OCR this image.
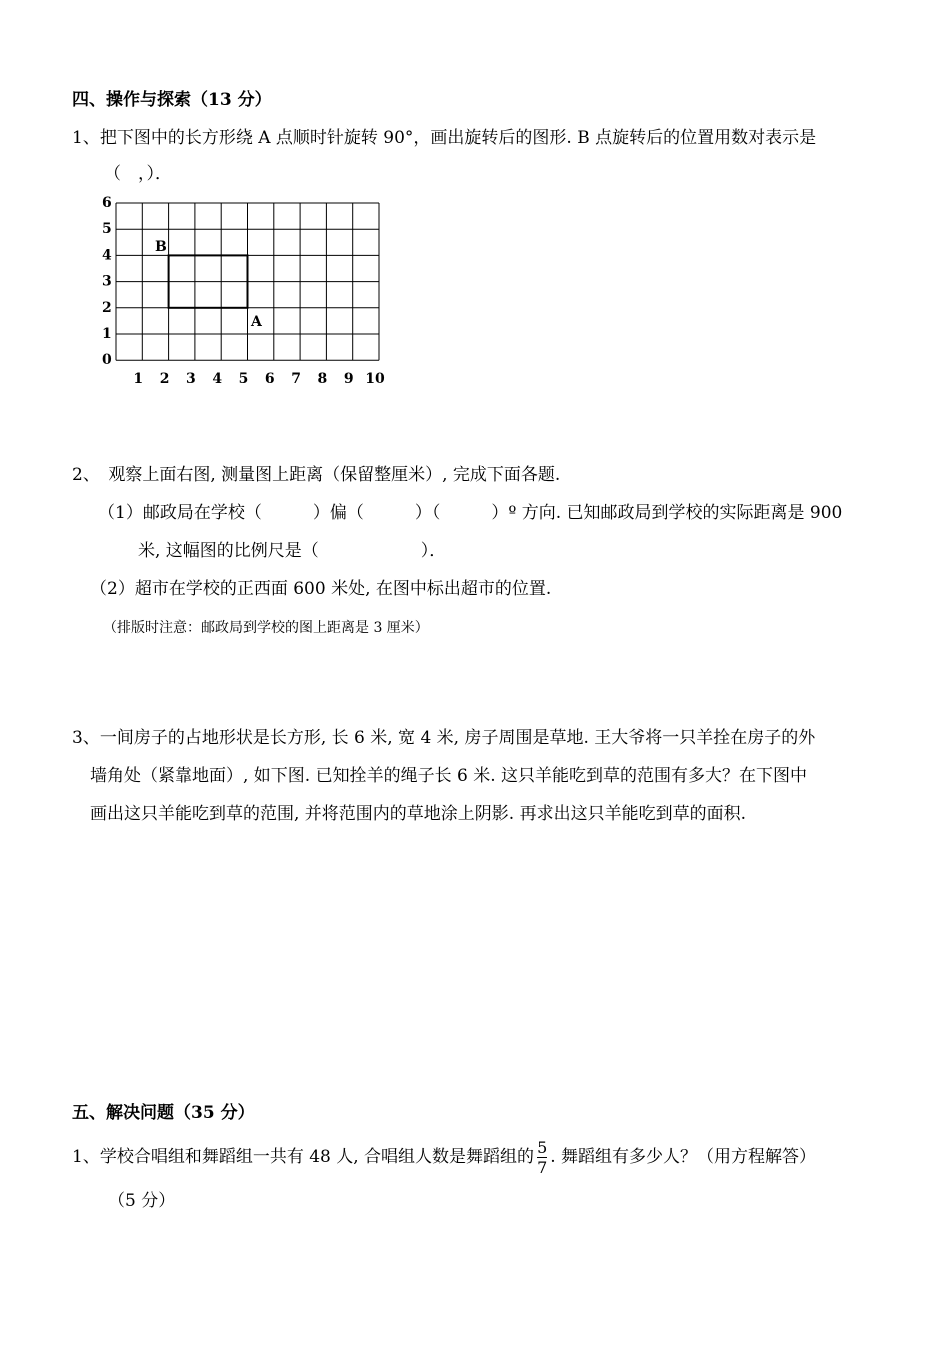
四、操作与探索（13 分）
1、把下图中的长方形绕 A 点顺时针旋转 90°，画出旋转后的图形. B 点旋转后的位置用数对表示是
（　，）．
B
A
1 2 3 4 5 6 7 8 9 10
0
1
2
3
4
5
6
2、　观察上面右图, 测量图上距离（保留整厘米）, 完成下面各题.
（1）邮政局在学校（　　　）偏（　　　）（　　　）º 方向. 已知邮政局到学校的实际距离是 900
米, 这幅图的比例尺是（　　　　　　）．
（2）超市在学校的正西面 600 米处, 在图中标出超市的位置.
（排版时注意：邮政局到学校的图上距离是 3 厘米）
3、一间房子的占地形状是长方形, 长 6 米, 宽 4 米, 房子周围是草地. 王大爷将一只羊拴在房子的外
墙角处（紧靠地面）, 如下图. 已知拴羊的绳子长 6 米. 这只羊能吃到草的范围有多大？在下图中
画出这只羊能吃到草的范围, 并将范围内的草地涂上阴影. 再求出这只羊能吃到草的面积.
五、解决问题（35 分）
1、学校合唱组和舞蹈组一共有 48 人, 合唱组人数是舞蹈组的 $\frac{5}{7}$ . 舞蹈组有多少人？（用方程解答）
（5 分）
